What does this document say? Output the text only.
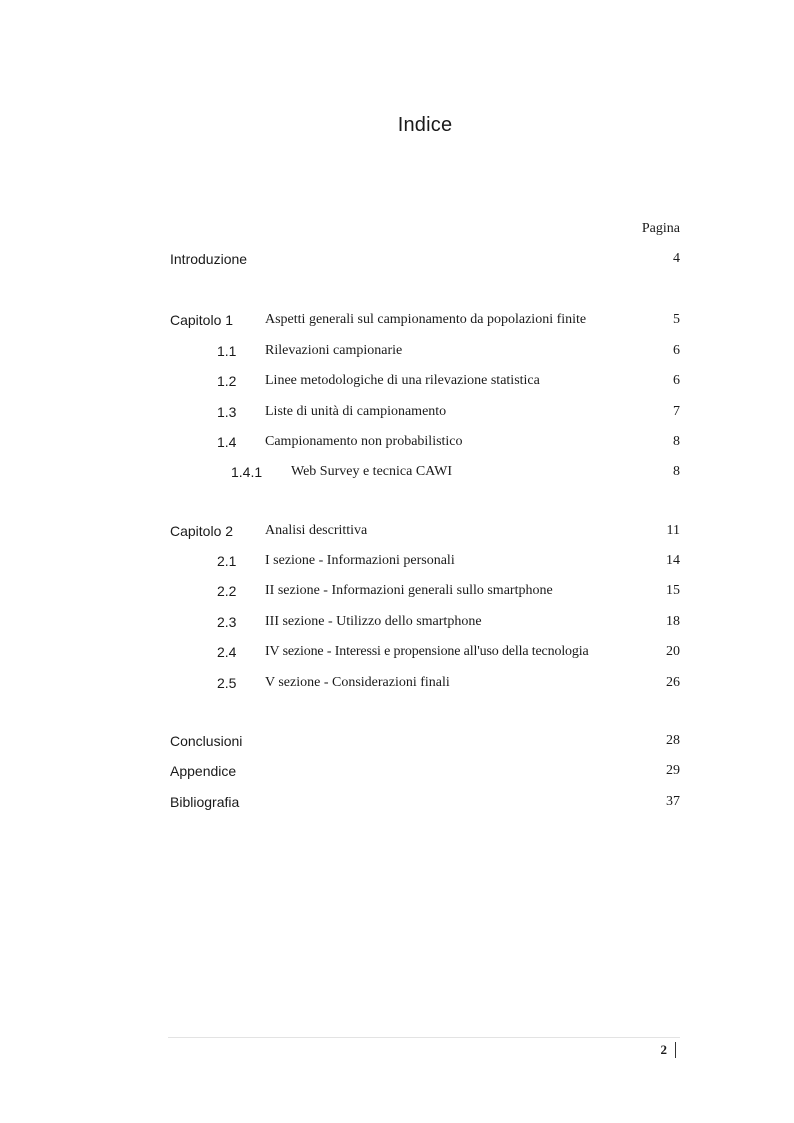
Indice
Pagina
Introduzione	4
Capitolo 1 Aspetti generali sul campionamento da popolazioni finite	5
1.1 Rilevazioni campionarie	6
1.2 Linee metodologiche di una rilevazione statistica	6
1.3 Liste di unità di campionamento	7
1.4 Campionamento non probabilistico	8
1.4.1 Web Survey e tecnica CAWI	8
Capitolo 2 Analisi descrittiva	11
2.1 I sezione - Informazioni personali	14
2.2 II sezione - Informazioni generali sullo smartphone	15
2.3 III sezione - Utilizzo dello smartphone	18
2.4 IV sezione - Interessi e propensione all'uso della tecnologia	20
2.5 V sezione - Considerazioni finali	26
Conclusioni	28
Appendice	29
Bibliografia	37
2
